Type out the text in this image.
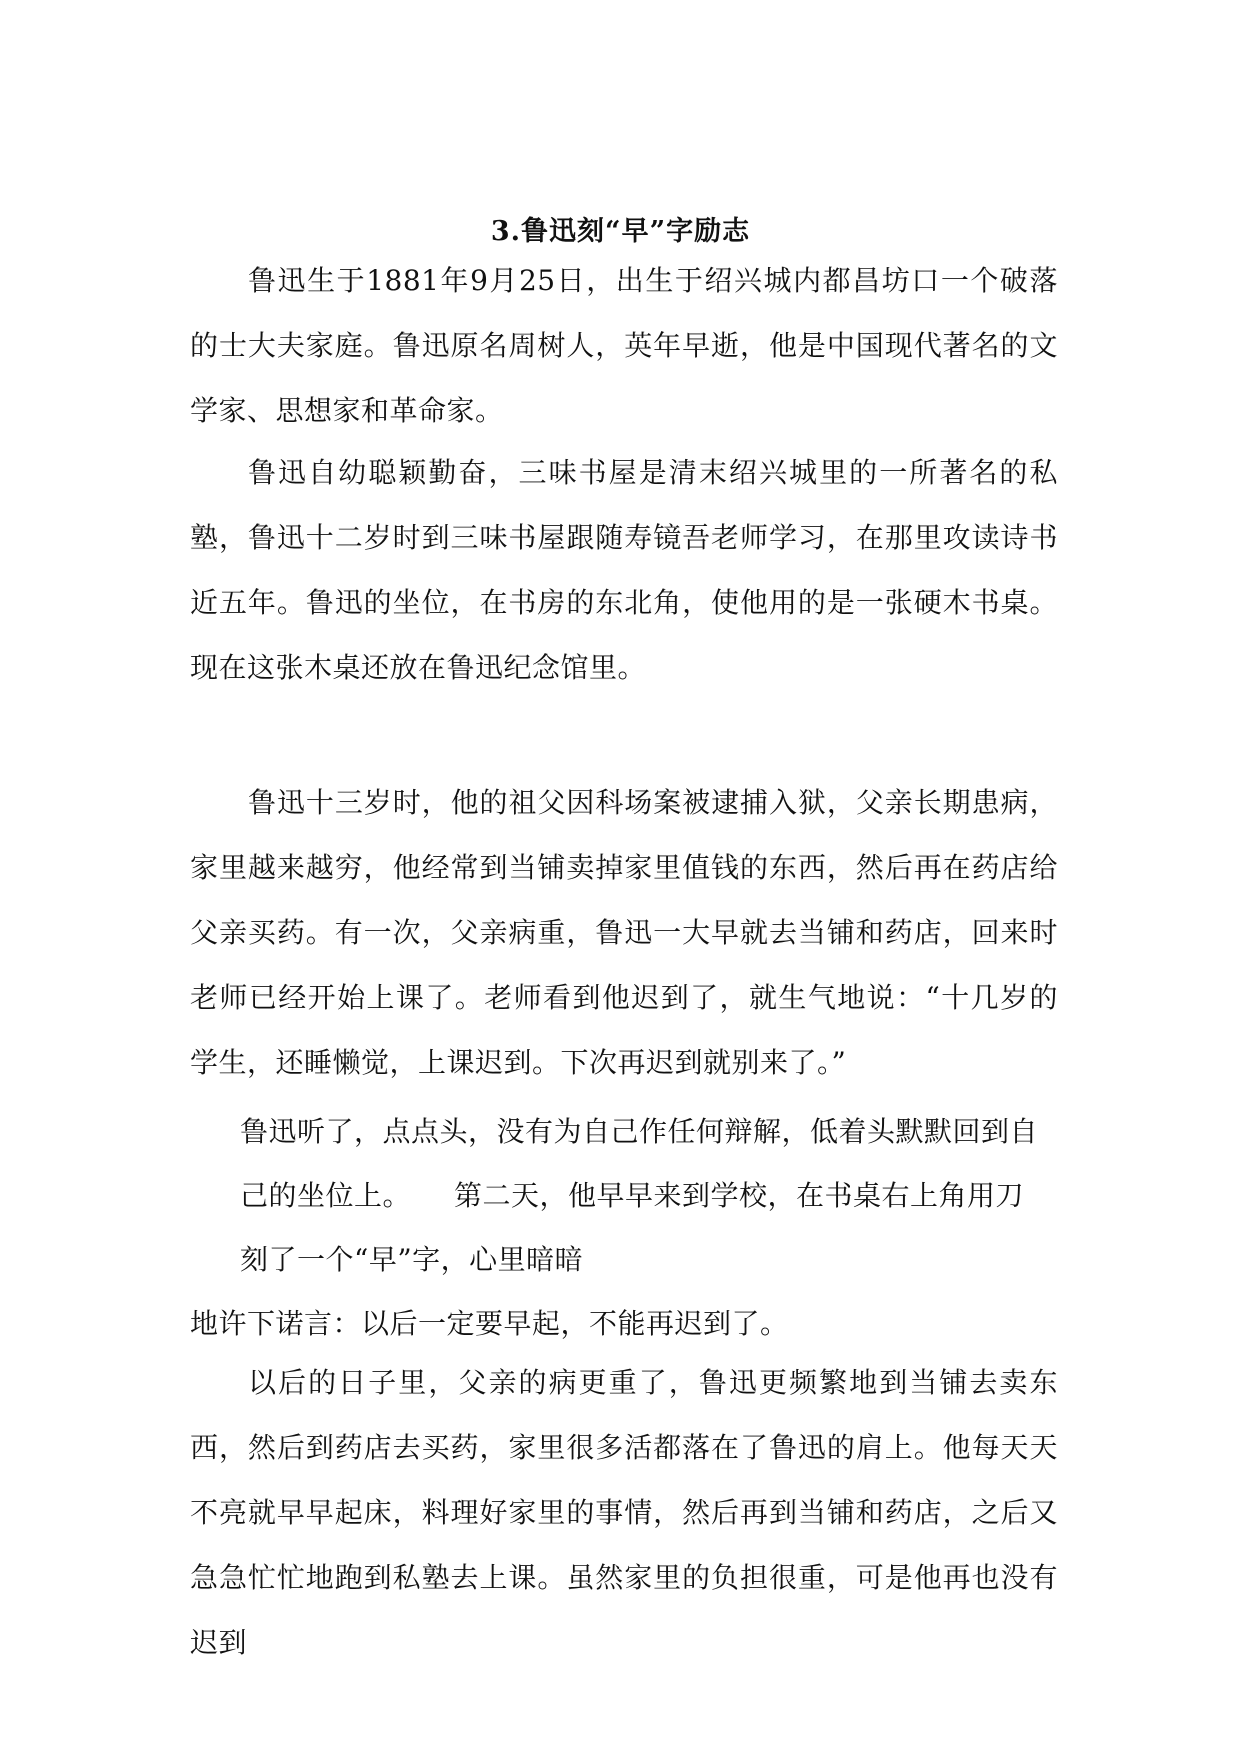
3.鲁迅刻“早”字励志

鲁迅生于1881年9月25日，出生于绍兴城内都昌坊口一个破落的士大夫家庭。鲁迅原名周树人，英年早逝，他是中国现代著名的文学家、思想家和革命家。

鲁迅自幼聪颖勤奋，三味书屋是清末绍兴城里的一所著名的私塾，鲁迅十二岁时到三味书屋跟随寿镜吾老师学习，在那里攻读诗书近五年。鲁迅的坐位，在书房的东北角，使他用的是一张硬木书桌。现在这张木桌还放在鲁迅纪念馆里。

鲁迅十三岁时，他的祖父因科场案被逮捕入狱，父亲长期患病，家里越来越穷，他经常到当铺卖掉家里值钱的东西，然后再在药店给父亲买药。有一次，父亲病重，鲁迅一大早就去当铺和药店，回来时老师已经开始上课了。老师看到他迟到了，就生气地说：“十几岁的学生，还睡懒觉，上课迟到。下次再迟到就别来了。”

鲁迅听了，点点头，没有为自己作任何辩解，低着头默默回到自

己的坐位上。　　第二天，他早早来到学校，在书桌右上角用刀

刻了一个“早”字，心里暗暗

地许下诺言：以后一定要早起，不能再迟到了。

以后的日子里，父亲的病更重了，鲁迅更频繁地到当铺去卖东西，然后到药店去买药，家里很多活都落在了鲁迅的肩上。他每天天不亮就早早起床，料理好家里的事情，然后再到当铺和药店，之后又急急忙忙地跑到私塾去上课。虽然家里的负担很重，可是他再也没有迟到
